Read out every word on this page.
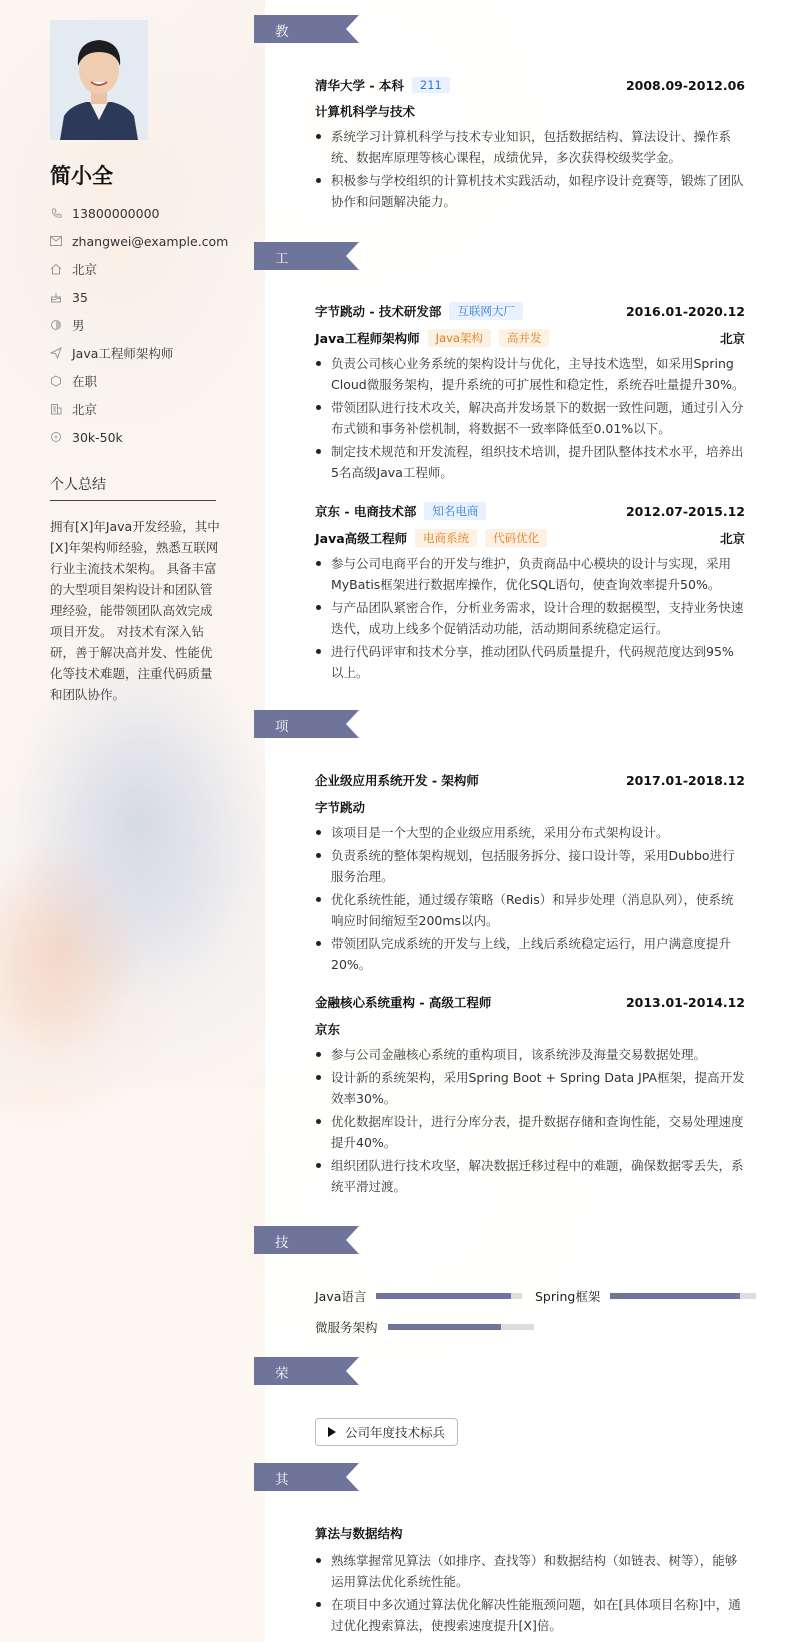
简小全
13800000000
zhangwei@example.com
北京
35
男
Java工程师架构师
在职
北京
30k-50k
个人总结
拥有[X]年Java开发经验，其中[X]年架构师经验，熟悉互联网行业主流技术架构。 具备丰富的大型项目架构设计和团队管理经验，能带领团队高效完成项目开发。 对技术有深入钻研，善于解决高并发、性能优化等技术难题，注重代码质量和团队协作。
教育经历 清华大学 - 本科	211	2008.09-2012.06
计算机科学与技术
系统学习计算机科学与技术专业知识，包括数据结构、算法设计、操作系统、数据库原理等核心课程，成绩优异，多次获得校级奖学金。
积极参与学校组织的计算机技术实践活动，如程序设计竞赛等，锻炼了团队协作和问题解决能力。
工作经历 字节跳动 - 技术研发部	互联网大厂	2016.01-2020.12
Java工程师架构师	Java架构	高并发	北京
负责公司核心业务系统的架构设计与优化，主导技术选型，如采用Spring Cloud微服务架构，提升系统的可扩展性和稳定性，系统吞吐量提升30%。
带领团队进行技术攻关，解决高并发场景下的数据一致性问题，通过引入分布式锁和事务补偿机制，将数据不一致率降低至0.01%以下。
制定技术规范和开发流程，组织技术培训，提升团队整体技术水平，培养出5名高级Java工程师。
京东 - 电商技术部	知名电商	2012.07-2015.12
Java高级工程师	电商系统	代码优化	北京
参与公司电商平台的开发与维护，负责商品中心模块的设计与实现，采用MyBatis框架进行数据库操作，优化SQL语句，使查询效率提升50%。
与产品团队紧密合作，分析业务需求，设计合理的数据模型，支持业务快速迭代，成功上线多个促销活动功能，活动期间系统稳定运行。
进行代码评审和技术分享，推动团队代码质量提升，代码规范度达到95%以上。
项目经历 企业级应用系统开发 - 架构师	2017.01-2018.12
字节跳动
该项目是一个大型的企业级应用系统，采用分布式架构设计。
负责系统的整体架构规划，包括服务拆分、接口设计等，采用Dubbo进行服务治理。
优化系统性能，通过缓存策略（Redis）和异步处理（消息队列），使系统响应时间缩短至200ms以内。
带领团队完成系统的开发与上线，上线后系统稳定运行，用户满意度提升20%。
金融核心系统重构 - 高级工程师	2013.01-2014.12
京东
参与公司金融核心系统的重构项目，该系统涉及海量交易数据处理。
设计新的系统架构，采用Spring Boot + Spring Data JPA框架，提高开发效率30%。
优化数据库设计，进行分库分表，提升数据存储和查询性能，交易处理速度提升40%。
组织团队进行技术攻坚，解决数据迁移过程中的难题，确保数据零丢失，系统平滑过渡。
技能专长 Java语言	Spring框架
微服务架构
荣誉奖项	公司年度技术标兵
其他信息 算法与数据结构
熟练掌握常见算法（如排序、查找等）和数据结构（如链表、树等），能够运用算法优化系统性能。
在项目中多次通过算法优化解决性能瓶颈问题，如在[具体项目名称]中，通过优化搜索算法，使搜索速度提升[X]倍。
